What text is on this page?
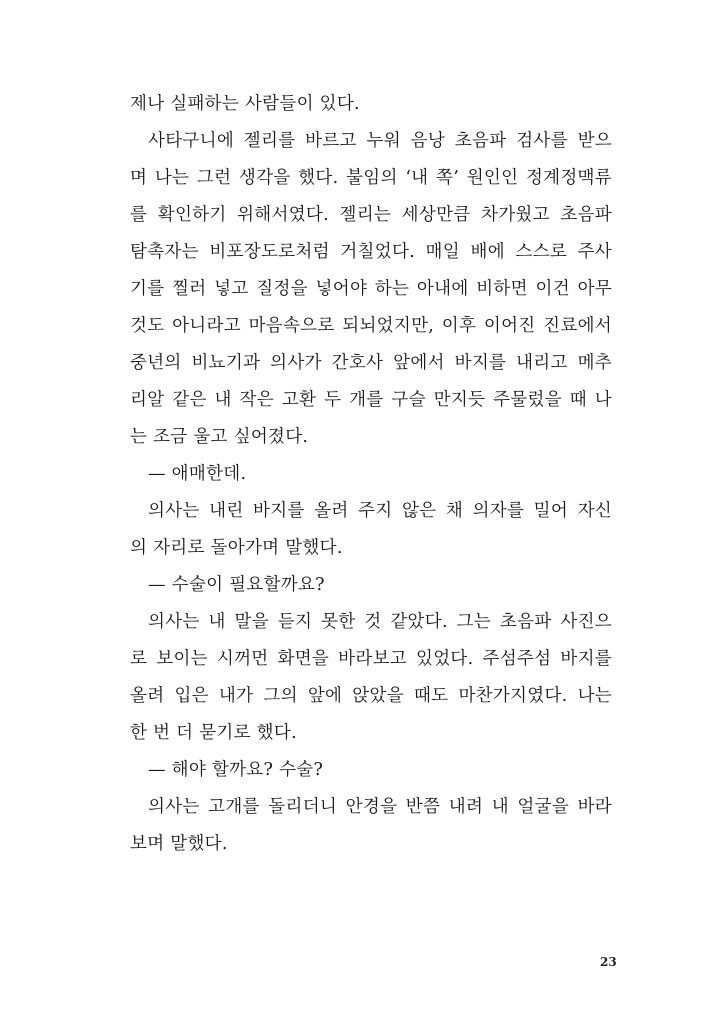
제나 실패하는 사람들이 있다.
사타구니에 젤리를 바르고 누워 음낭 초음파 검사를 받으
며 나는 그런 생각을 했다. 불임의 ‘내 쪽’ 원인인 정계정맥류
를 확인하기 위해서였다. 젤리는 세상만큼 차가웠고 초음파
탐촉자는 비포장도로처럼 거칠었다. 매일 배에 스스로 주사
기를 찔러 넣고 질정을 넣어야 하는 아내에 비하면 이건 아무
것도 아니라고 마음속으로 되뇌었지만, 이후 이어진 진료에서
중년의 비뇨기과 의사가 간호사 앞에서 바지를 내리고 메추
리알 같은 내 작은 고환 두 개를 구슬 만지듯 주물렀을 때 나
는 조금 울고 싶어졌다.
— 애매한데.
의사는 내린 바지를 올려 주지 않은 채 의자를 밀어 자신
의 자리로 돌아가며 말했다.
— 수술이 필요할까요?
의사는 내 말을 듣지 못한 것 같았다. 그는 초음파 사진으
로 보이는 시꺼먼 화면을 바라보고 있었다. 주섬주섬 바지를
올려 입은 내가 그의 앞에 앉았을 때도 마찬가지였다. 나는
한 번 더 묻기로 했다.
— 해야 할까요? 수술?
의사는 고개를 돌리더니 안경을 반쯤 내려 내 얼굴을 바라
보며 말했다.
23
